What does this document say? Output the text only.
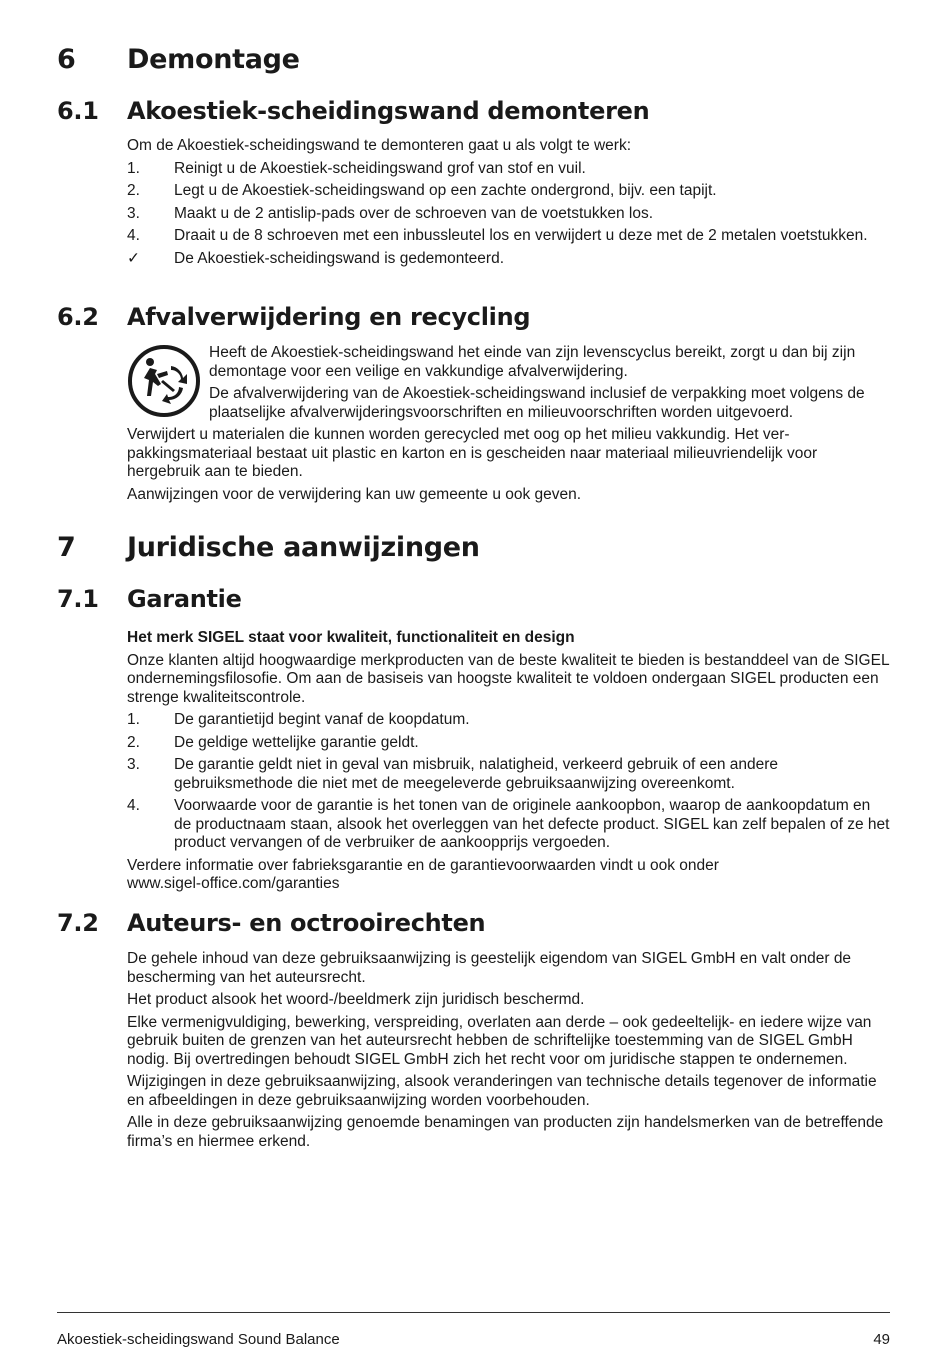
6 Demontage
6.1 Akoestiek-scheidingswand demonteren

Om de Akoestiek-scheidingswand te demonteren gaat u als volgt te werk:

1. Reinigt u de Akoestiek-scheidingswand grof van stof en vuil.
2. Legt u de Akoestiek-scheidingswand op een zachte ondergrond, bijv. een tapijt.
3. Maakt u de 2 antislip-pads over de schroeven van de voetstukken los.
4. Draait u de 8 schroeven met een inbussleutel los en verwijdert u deze met de 2 metalen voetstukken.
✓ De Akoestiek-scheidingswand is gedemonteerd.
6.2 Afvalverwijdering en recycling

Heeft de Akoestiek-scheidingswand het einde van zijn levenscyclus bereikt, zorgt u dan bij zijn demontage voor een veilige en vakkundige afvalverwijdering.

De afvalverwijdering van de Akoestiek-scheidingswand inclusief de verpakking moet volgens de plaatselijke afvalverwijderingsvoorschriften en milieuvoorschriften worden uitgevoerd.

Verwijdert u materialen die kunnen worden gerecycled met oog op het milieu vakkundig. Het verpakkingsmateriaal bestaat uit plastic en karton en is gescheiden naar materiaal milieuvriendelijk voor hergebruik aan te bieden.

Aanwijzingen voor de verwijdering kan uw gemeente u ook geven.

7 Juridische aanwijzingen
7.1 Garantie

Het merk SIGEL staat voor kwaliteit, functionaliteit en design

Onze klanten altijd hoogwaardige merkproducten van de beste kwaliteit te bieden is bestanddeel van de SIGEL ondernemingsfilosofie. Om aan de basiseis van hoogste kwaliteit te voldoen ondergaan SIGEL producten een strenge kwaliteitscontrole.

1. De garantietijd begint vanaf de koopdatum.
2. De geldige wettelijke garantie geldt.
3. De garantie geldt niet in geval van misbruik, nalatigheid, verkeerd gebruik of een andere gebruiksmethode die niet met de meegeleverde gebruiksaanwijzing overeenkomt.
4. Voorwaarde voor de garantie is het tonen van de originele aankoopbon, waarop de aankoopdatum en de productnaam staan, alsook het overleggen van het defecte product. SIGEL kan zelf bepalen of ze het product vervangen of de verbruiker de aankoopprijs vergoeden.

Verdere informatie over fabrieksgarantie en de garantievoorwaarden vindt u ook onder

www.sigel-office.com/garanties

7.2 Auteurs- en octrooirechten

De gehele inhoud van deze gebruiksaanwijzing is geestelijk eigendom van SIGEL GmbH en valt onder de bescherming van het auteursrecht.

Het product alsook het woord-/beeldmerk zijn juridisch beschermd.

Elke vermenigvuldiging, bewerking, verspreiding, overlaten aan derde – ook gedeeltelijk- en iedere wijze van gebruik buiten de grenzen van het auteursrecht hebben de schriftelijke toestemming van de SIGEL GmbH nodig. Bij overtredingen behoudt SIGEL GmbH zich het recht voor om juridische stappen te ondernemen.

Wijzigingen in deze gebruiksaanwijzing, alsook veranderingen van technische details tegenover de informatie en afbeeldingen in deze gebruiksaanwijzing worden voorbehouden.

Alle in deze gebruiksaanwijzing genoemde benamingen van producten zijn handelsmerken van de betreffende firma’s en hiermee erkend.

Akoestiek-scheidingswand Sound Balance	49
